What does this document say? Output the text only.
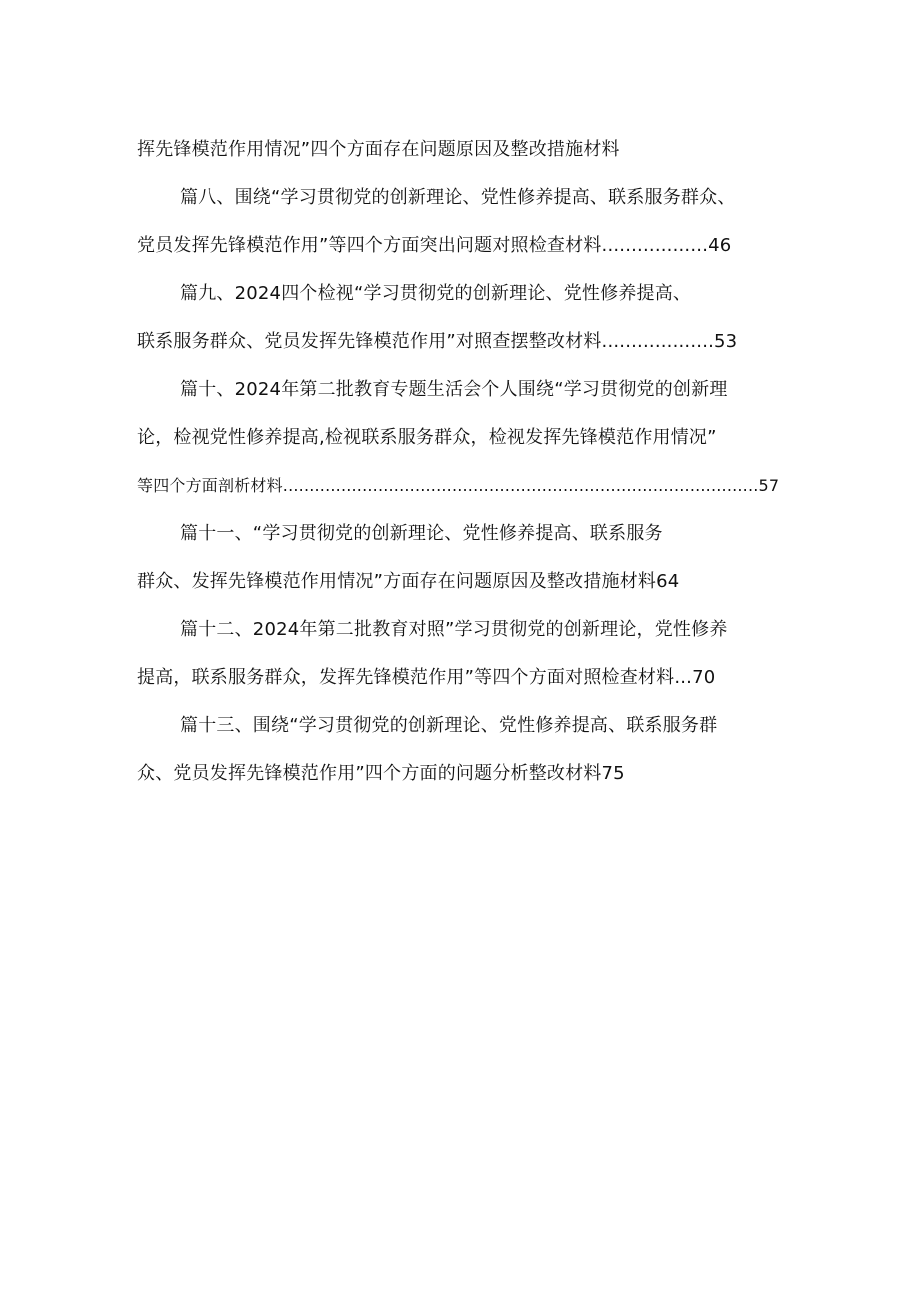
挥先锋模范作用情况”四个方面存在问题原因及整改措施材料
篇八、围绕“学习贯彻党的创新理论、党性修养提高、联系服务群众、
党员发挥先锋模范作用”等四个方面突出问题对照检查材料..................46
篇九、2024四个检视“学习贯彻党的创新理论、党性修养提高、
联系服务群众、党员发挥先锋模范作用”对照查摆整改材料...................53
篇十、2024年第二批教育专题生活会个人围绕“学习贯彻党的创新理
论，检视党性修养提高,检视联系服务群众，检视发挥先锋模范作用情况”
等四个方面剖析材料..........................................................................................57
篇十一、“学习贯彻党的创新理论、党性修养提高、联系服务
群众、发挥先锋模范作用情况”方面存在问题原因及整改措施材料64
篇十二、2024年第二批教育对照”学习贯彻党的创新理论，党性修养
提高，联系服务群众，发挥先锋模范作用”等四个方面对照检查材料...70
篇十三、围绕“学习贯彻党的创新理论、党性修养提高、联系服务群
众、党员发挥先锋模范作用”四个方面的问题分析整改材料75
